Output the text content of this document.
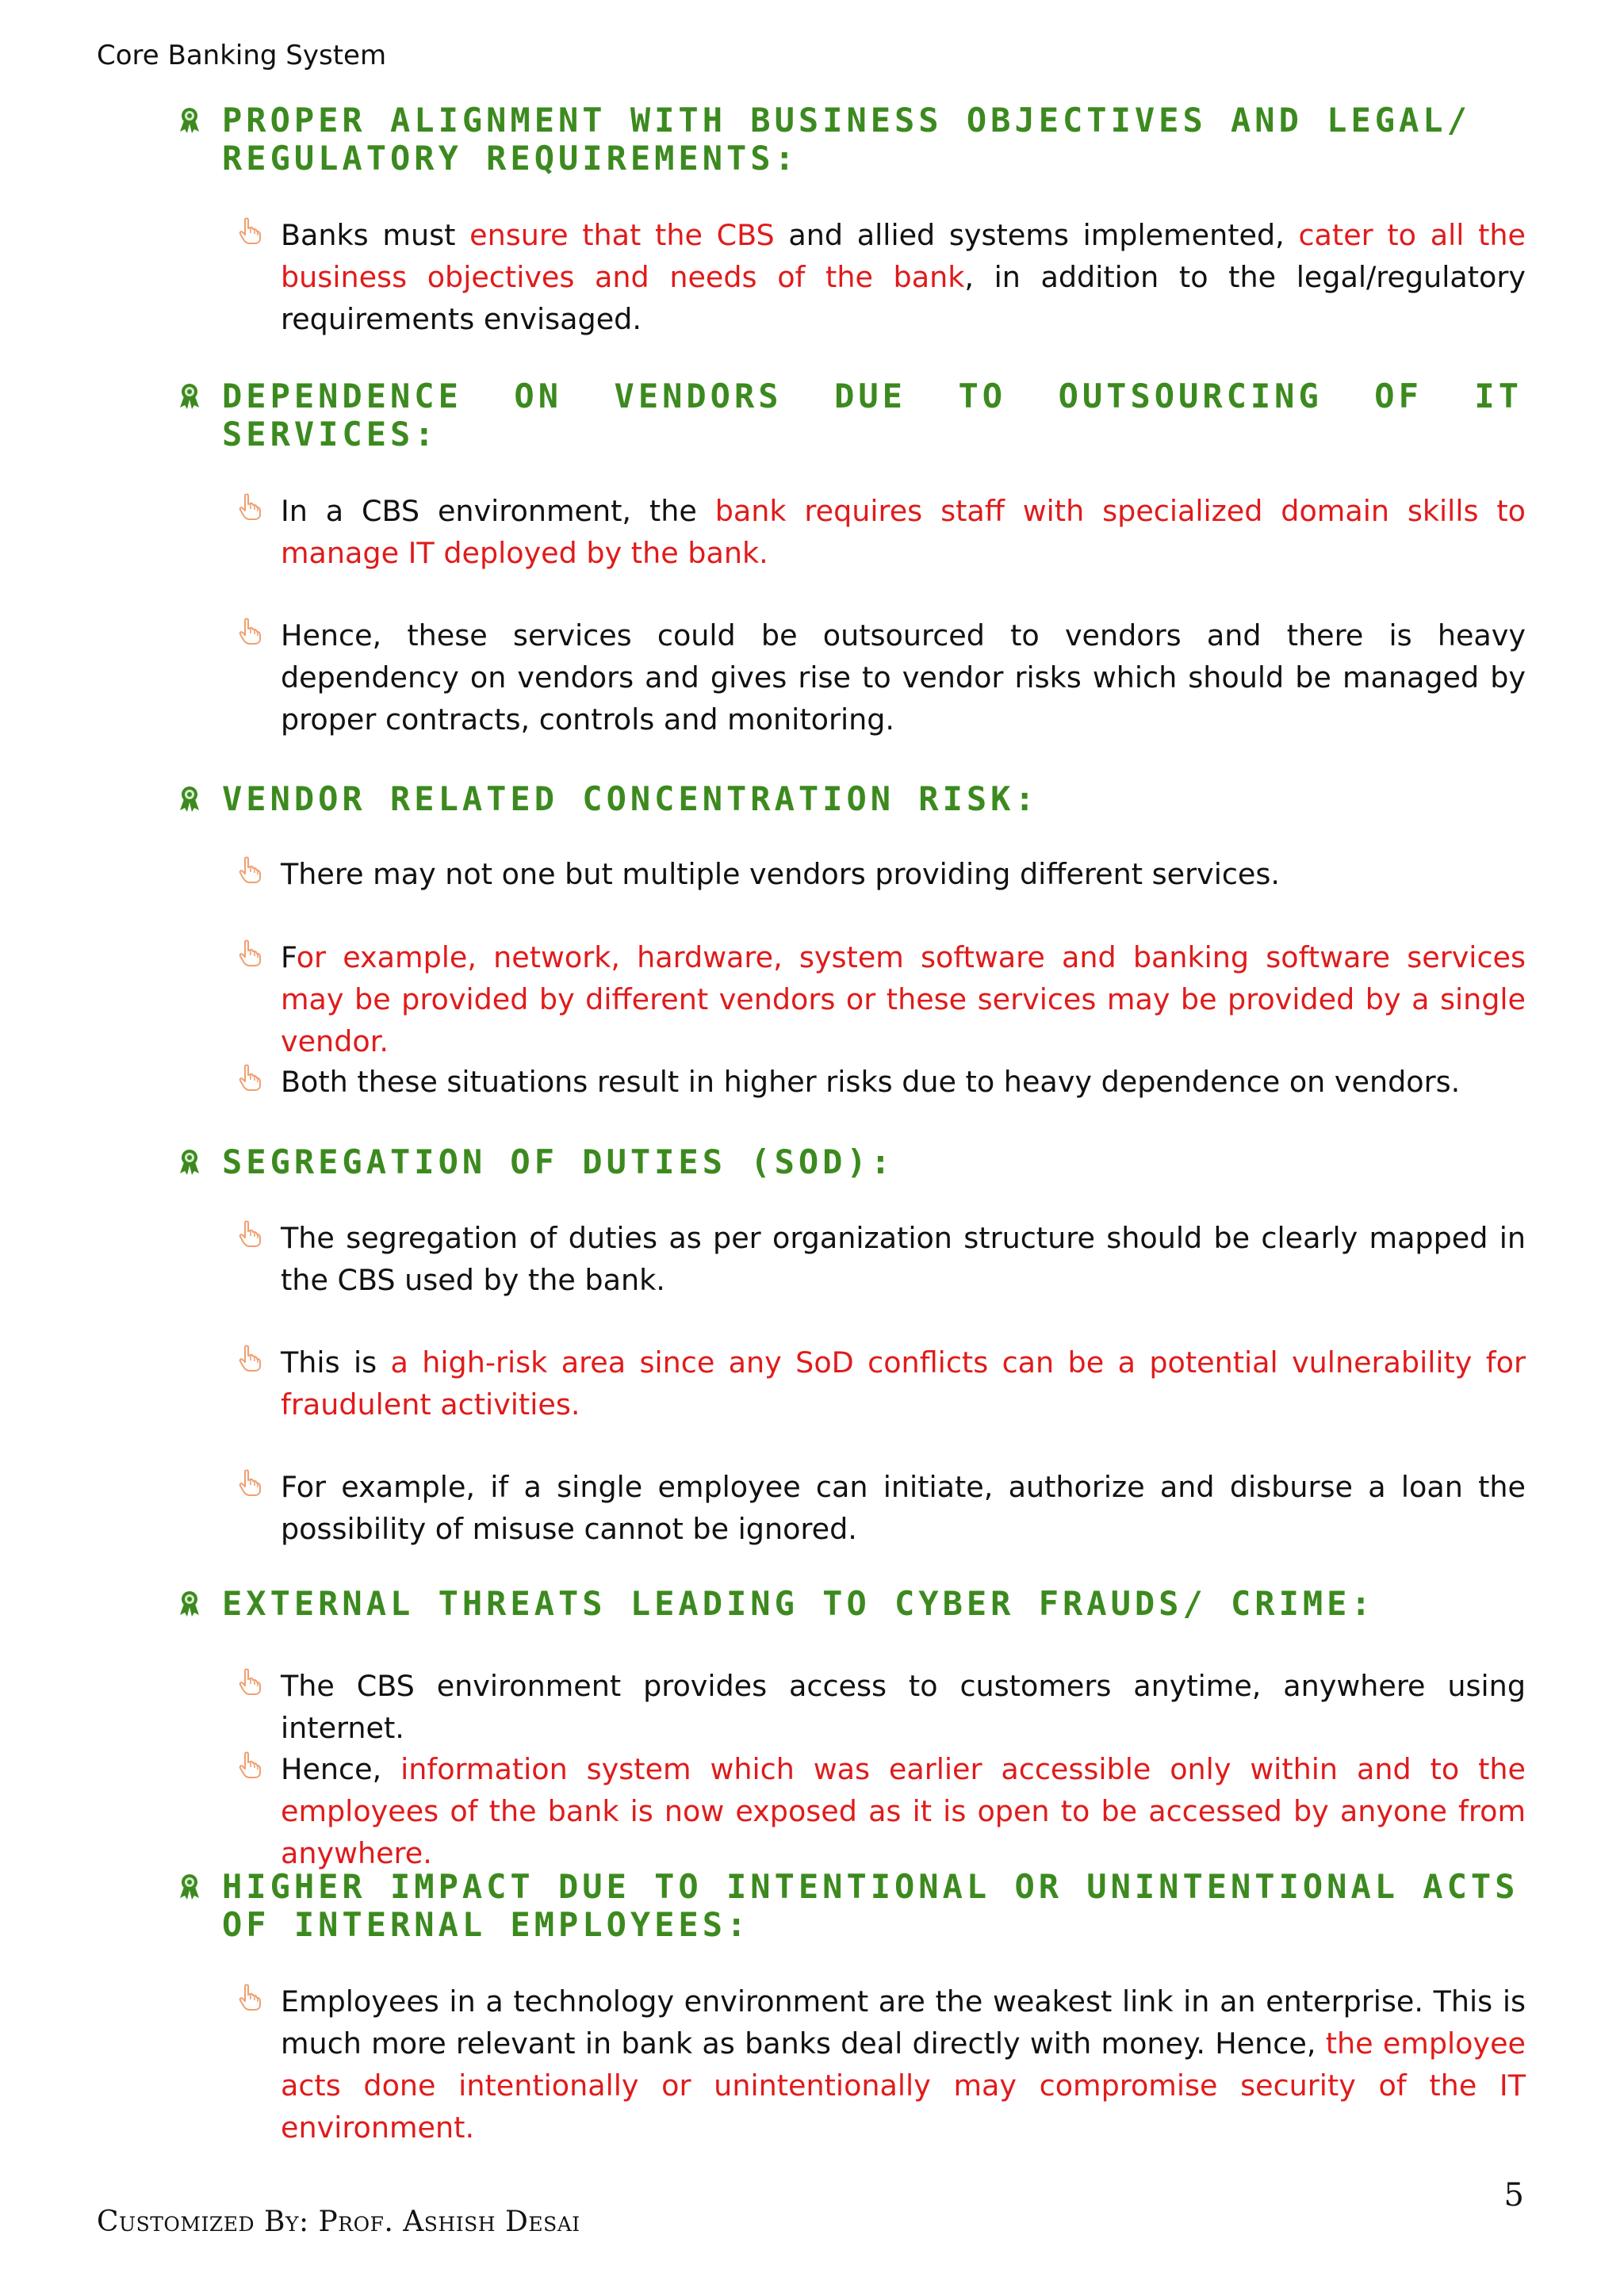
Core Banking System
PROPER ALIGNMENT WITH BUSINESS OBJECTIVES AND LEGAL/ REGULATORY REQUIREMENTS:
Banks must ensure that the CBS and allied systems implemented, cater to all the business objectives and needs of the bank, in addition to the legal/regulatory requirements envisaged.
DEPENDENCE ON VENDORS DUE TO OUTSOURCING OF IT SERVICES:
In a CBS environment, the bank requires staff with specialized domain skills to manage IT deployed by the bank.
Hence, these services could be outsourced to vendors and there is heavy dependency on vendors and gives rise to vendor risks which should be managed by proper contracts, controls and monitoring.
VENDOR RELATED CONCENTRATION RISK:
There may not one but multiple vendors providing different services.
For example, network, hardware, system software and banking software services may be provided by different vendors or these services may be provided by a single vendor.
Both these situations result in higher risks due to heavy dependence on vendors.
SEGREGATION OF DUTIES (SOD):
The segregation of duties as per organization structure should be clearly mapped in the CBS used by the bank.
This is a high-risk area since any SoD conflicts can be a potential vulnerability for fraudulent activities.
For example, if a single employee can initiate, authorize and disburse a loan the possibility of misuse cannot be ignored.
EXTERNAL THREATS LEADING TO CYBER FRAUDS/ CRIME:
The CBS environment provides access to customers anytime, anywhere using internet.
Hence, information system which was earlier accessible only within and to the employees of the bank is now exposed as it is open to be accessed by anyone from anywhere.
HIGHER IMPACT DUE TO INTENTIONAL OR UNINTENTIONAL ACTS OF INTERNAL EMPLOYEES:
Employees in a technology environment are the weakest link in an enterprise. This is much more relevant in bank as banks deal directly with money. Hence, the employee acts done intentionally or unintentionally may compromise security of the IT environment.
5
Customized By: Prof. Ashish Desai
